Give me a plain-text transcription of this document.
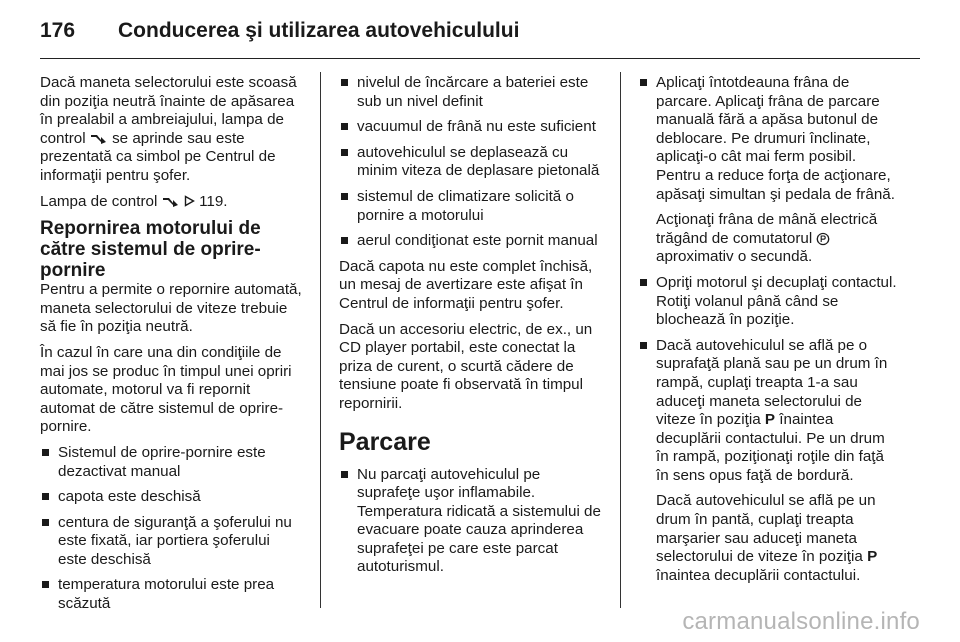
176	Conducerea şi utilizarea autovehiculului

Dacă maneta selectorului este scoasă din poziţia neutră înainte de apăsarea în prealabil a ambreiajului, lampa de control se aprinde sau este prezentată ca simbol pe Centrul de informaţii pentru şofer.

Lampa de control	119.

Repornirea motorului de către sistemul de oprire-pornire

Pentru a permite o repornire automată, maneta selectorului de viteze trebuie să fie în poziţia neutră.

În cazul în care una din condiţiile de mai jos se produc în timpul unei opriri automate, motorul va fi repornit automat de către sistemul de oprire-pornire.

Sistemul de oprire-pornire este dezactivat manual
capota este deschisă
centura de siguranţă a şoferului nu este fixată, iar portiera şoferului este deschisă
temperatura motorului este prea scăzută
nivelul de încărcare a bateriei este sub un nivel definit
vacuumul de frână nu este suficient
autovehiculul se deplasează cu minim viteza de deplasare pietonală
sistemul de climatizare solicită o pornire a motorului
aerul condiţionat este pornit manual

Dacă capota nu este complet închisă, un mesaj de avertizare este afişat în Centrul de informaţii pentru şofer.

Dacă un accesoriu electric, de ex., un CD player portabil, este conectat la priza de curent, o scurtă cădere de tensiune poate fi observată în timpul repornirii.

Parcare
Nu parcaţi autovehiculul pe suprafeţe uşor inflamabile. Temperatura ridicată a sistemului de evacuare poate cauza aprinderea suprafeţei pe care este parcat autoturismul.
Aplicaţi întotdeauna frâna de parcare. Aplicaţi frâna de parcare manuală fără a apăsa butonul de deblocare. Pe drumuri înclinate, aplicaţi-o cât mai ferm posibil. Pentru a reduce forţa de acţionare, apăsaţi simultan şi pedala de frână.

Acţionaţi frâna de mână electrică trăgând de comutatorul  aproximativ o secundă.

Opriţi motorul şi decuplaţi contactul. Rotiţi volanul până când se blochează în poziţie.
Dacă autovehiculul se află pe o suprafaţă plană sau pe un drum în rampă, cuplaţi treapta 1-a sau aduceţi maneta selectorului de viteze în poziţia P înaintea decuplării contactului. Pe un drum în rampă, poziţionaţi roţile din faţă în sens opus faţă de bordură.

Dacă autovehiculul se află pe un drum în pantă, cuplaţi treapta marşarier sau aduceţi maneta selectorului de viteze în poziţia P înaintea decuplării contactului.

carmanualsonline.info
